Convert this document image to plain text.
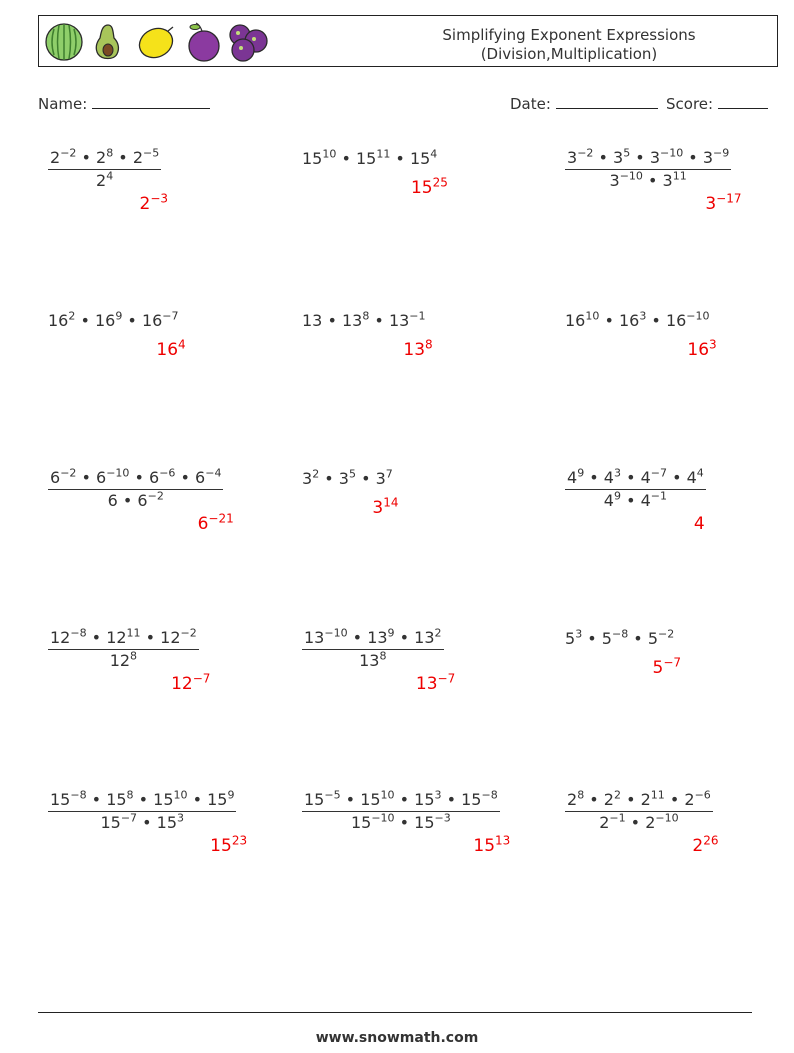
Simplifying Exponent Expressions
(Division,Multiplication)
Name:	Date:	Score:
$\frac{2^{-2} • 2^8 • 2^{-5}}{2^4}$
$2^{-3}$
$15^{10}$ • $15^{11}$ • $15^4$
$15^{25}$	$\frac{3^{-2} • 3^5 • 3^{-10} • 3^{-9}}{3^{-10} • 3^{11}}$
$3^{-17}$
$16^2$ • $16^9$ • $16^{-7}$
$16^4$
13 • $13^8$ • $13^{-1}$
$13^8$
$16^{10}$ • $16^3$ • $16^{-10}$
$16^3$
$\frac{6^{-2} • 6^{-10} • 6^{-6} • 6^{-4}}{6 • 6^{-2}}$
$6^{-21}$
$3^2$ • $3^5$ • $3^7$
$3^{14}$	$\frac{4^9 • 4^3 • 4^{-7} • 4^4}{4^9 • 4^{-1}}$
4
$\frac{12^{-8} • 12^{11} • 12^{-2}}{12^8}$
$12^{-7}$
$\frac{13^{-10} • 13^9 • 13^2}{13^8}$
$13^{-7}$
$5^3$ • $5^{-8}$ • $5^{-2}$
$5^{-7}$
$\frac{15^{-8} • 15^8 • 15^{10} • 15^9}{15^{-7} • 15^3}$
$15^{23}$
$\frac{15^{-5} • 15^{10} • 15^3 • 15^{-8}}{15^{-10} • 15^{-3}}$
$15^{13}$
$\frac{2^8 • 2^2 • 2^{11} • 2^{-6}}{2^{-1} • 2^{-10}}$
$2^{26}$
www.snowmath.com
